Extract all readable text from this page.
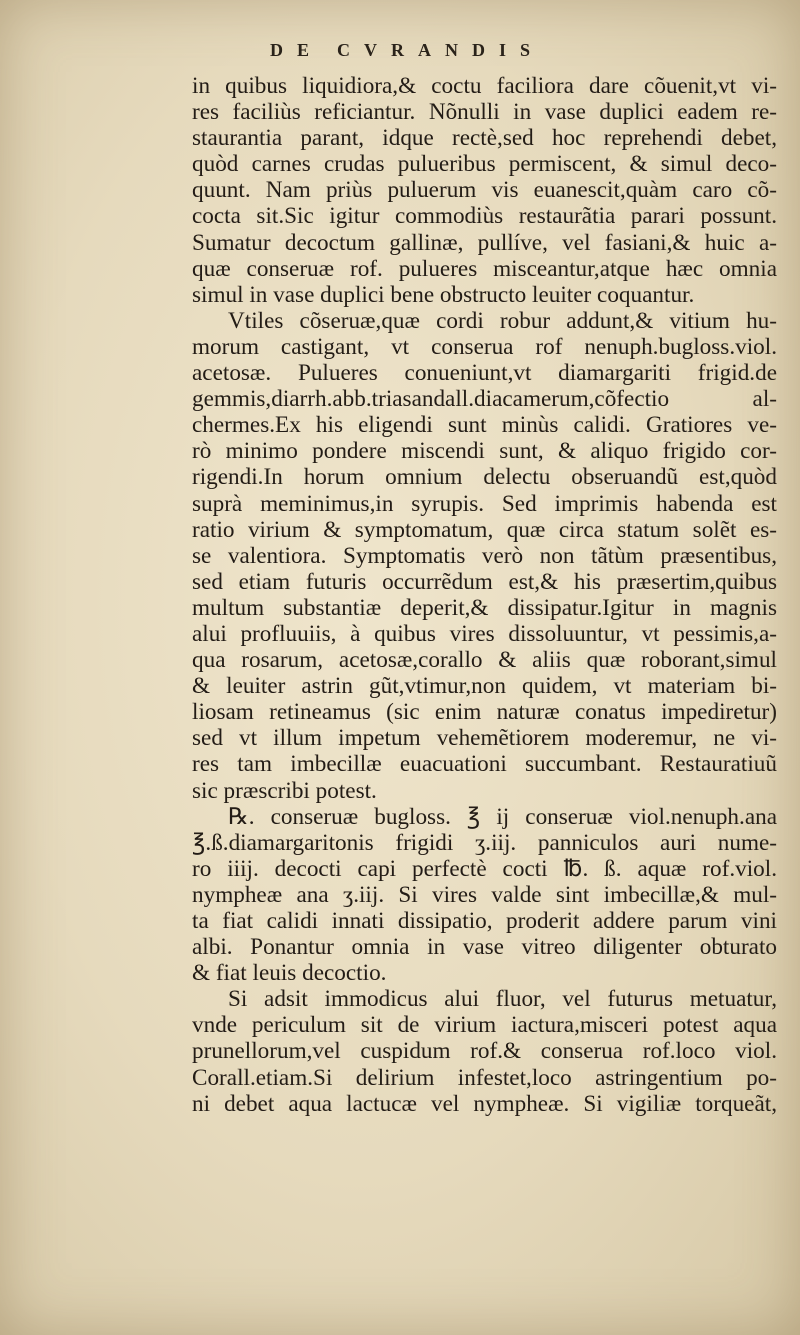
DE CVRANDIS
in quibus liquidiora,& coctu faciliora dare cõuenit,vt vi-
res faciliùs reficiantur. Nõnulli in vase duplici eadem re-
staurantia parant, idque rectè,sed hoc reprehendi debet,
quòd carnes crudas pulueribus permiscent, & simul deco-
quunt. Nam priùs puluerum vis euanescit,quàm caro cõ-
cocta sit.Sic igitur commodiùs restaurãtia parari possunt.
Sumatur decoctum gallinæ, pullíve, vel fasiani,& huic a-
quæ conseruæ rof. pulueres misceantur,atque hæc omnia
simul in vase duplici bene obstructo leuiter coquantur.
Vtiles cõseruæ,quæ cordi robur addunt,& vitium hu-
morum castigant, vt conserua rof nenuph.bugloss.viol.
acetosæ. Pulueres conueniunt,vt diamargariti frigid.de
gemmis,diarrh.abb.triasandall.diacamerum,cõfectio al-
chermes.Ex his eligendi sunt minùs calidi. Gratiores ve-
rò minimo pondere miscendi sunt, & aliquo frigido cor-
rigendi.In horum omnium delectu obseruandũ est,quòd
suprà meminimus,in syrupis. Sed imprimis habenda est
ratio virium & symptomatum, quæ circa statum solẽt es-
se valentiora. Symptomatis verò non tãtùm præsentibus,
sed etiam futuris occurrẽdum est,& his præsertim,quibus
multum substantiæ deperit,& dissipatur.Igitur in magnis
alui profluuiis, à quibus vires dissoluuntur, vt pessimis,a-
qua rosarum, acetosæ,corallo & aliis quæ roborant,simul
& leuiter astrin gũt,vtimur,non quidem, vt materiam bi-
liosam retineamus (sic enim naturæ conatus impediretur)
sed vt illum impetum vehemẽtiorem moderemur, ne vi-
res tam imbecillæ euacuationi succumbant. Restauratiuũ
sic præscribi potest.
℞. conseruæ bugloss. ℥ ij conseruæ viol.nenuph.ana
℥.ß.diamargaritonis frigidi ʒ.iij. panniculos auri nume-
ro iiij. decocti capi perfectè cocti ℔. ß. aquæ rof.viol.
nymphеæ ana ʒ.iij. Si vires valde sint imbecillæ,& mul-
ta fiat calidi innati dissipatio, proderit addere parum vini
albi. Ponantur omnia in vase vitreo diligenter obturato
& fiat leuis decoctio.
Si adsit immodicus alui fluor, vel futurus metuatur,
vnde periculum sit de virium iactura,misceri potest aqua
prunellorum,vel cuspidum rof.& conserua rof.loco viol.
Corall.etiam.Si delirium infestet,loco astringentium po-
ni debet aqua lactucæ vel nymphеæ. Si vigiliæ torqueãt,
